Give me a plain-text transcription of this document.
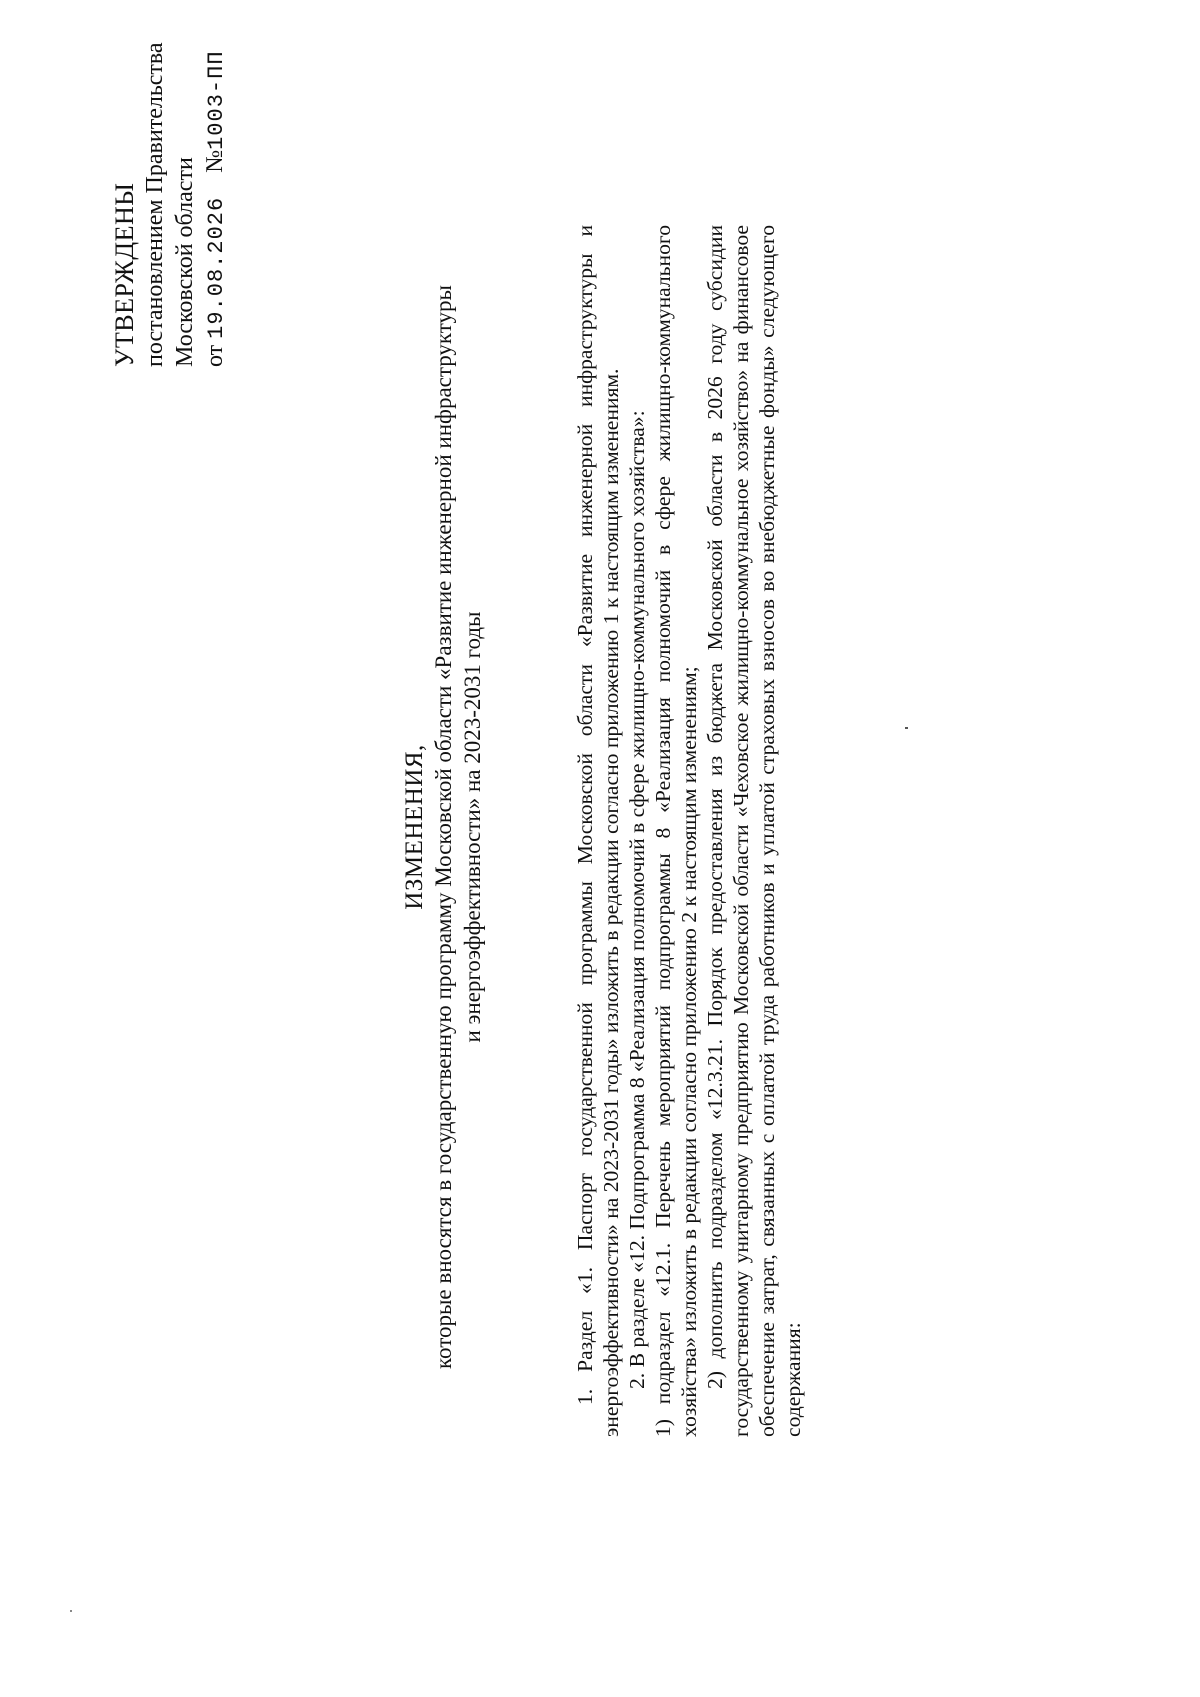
УТВЕРЖДЕНЫ постановлением Правительства Московской области от 19.08.2026 №1003-ПП
ИЗМЕНЕНИЯ, которые вносятся в государственную программу Московской области «Развитие инженерной инфраструктуры и энергоэффективности» на 2023-2031 годы	1. Раздел «1. Паспорт государственной программы Московской области «Развитие инженерной инфраструктуры и энергоэффективности» на 2023-2031 годы» изложить в редакции согласно приложению 1 к настоящим изменениям. 2. В разделе «12. Подпрограмма 8 «Реализация полномочий в сфере жилищно-коммунального хозяйства»: 1) подраздел «12.1. Перечень мероприятий подпрограммы 8 «Реализация полномочий в сфере жилищно-коммунального хозяйства» изложить в редакции согласно приложению 2 к настоящим изменениям; 2) дополнить подразделом «12.3.21. Порядок предоставления из бюджета Московской области в 2026 году субсидии государственному унитарному предприятию Московской области «Чеховское жилищно-коммунальное хозяйство» на финансовое обеспечение затрат, связанных с оплатой труда работников и уплатой страховых взносов во внебюджетные фонды» следующего содержания:
